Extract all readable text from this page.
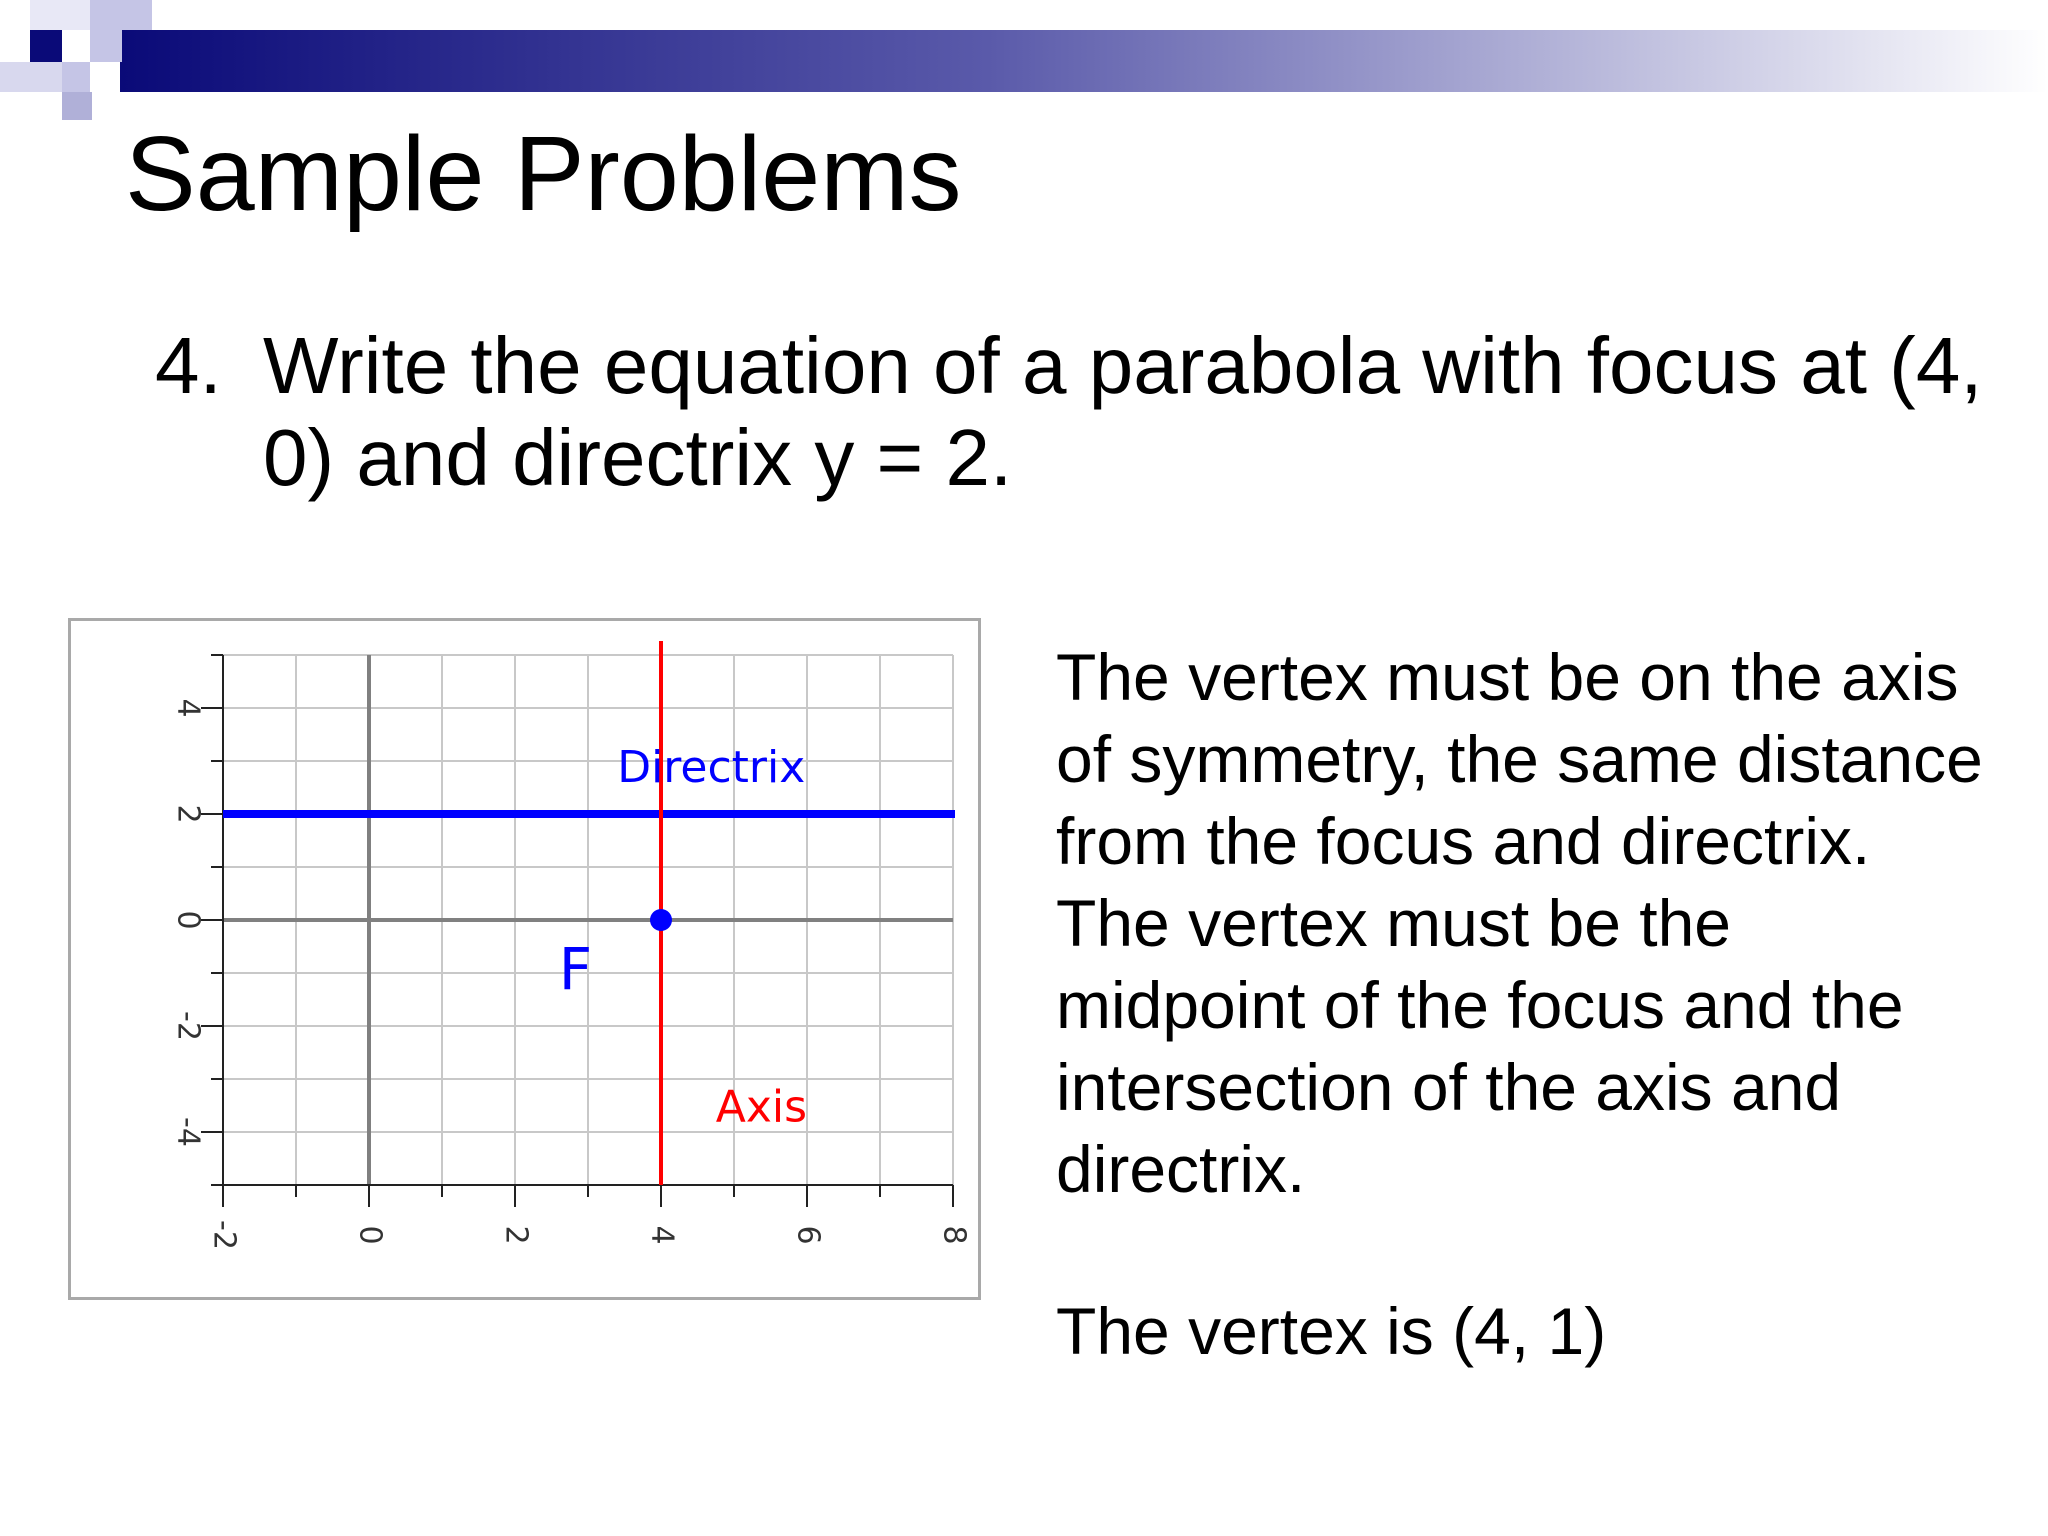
Sample Problems
4. Write the equation of a parabola with focus at (4, 0) and directrix y = 2.
-2	0	2	4	6	8
4
2
0
-2
-4
Directrix
Axis
F
The vertex must be on the axis of symmetry, the same distance from the focus and directrix. The vertex must be the midpoint of the focus and the intersection of the axis and directrix.
The vertex is (4, 1)
